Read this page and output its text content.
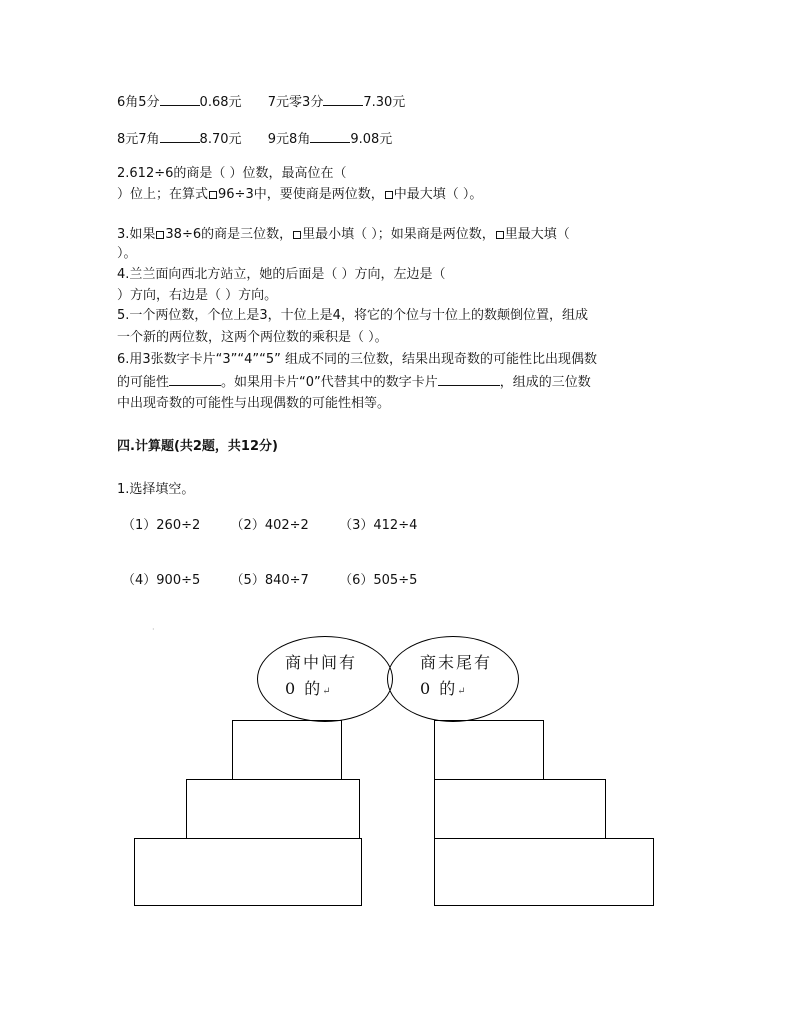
6角5分	0.68元 7元零3分	7.30元
8元7角	8.70元 9元8角	9.08元
2.612÷6的商是（ ）位数，最高位在（
）位上；在算式 96÷3中，要使商是两位数， 中最大填（ ）。
3.如果 38÷6的商是三位数， 里最小填（ ）；如果商是两位数， 里最大填（
）。
4.兰兰面向西北方站立，她的后面是（ ）方向，左边是（
）方向，右边是（ ）方向。
5.一个两位数，个位上是3，十位上是4，将它的个位与十位上的数颠倒位置，组成
一个新的两位数，这两个两位数的乘积是（ ）。
6.用3张数字卡片“3”“4”“5” 组成不同的三位数，结果出现奇数的可能性比出现偶数
的可能性	。如果用卡片“0”代替其中的数字卡片	，组成的三位数
中出现奇数的可能性与出现偶数的可能性相等。
四.计算题(共2题，共12分)
1.选择填空。
（1）260÷2 （2）402÷2 （3）412÷4
（4）900÷5 （5）840÷7 （6）505÷5
·
商中间有
0 的↵
商末尾有
0 的↵
